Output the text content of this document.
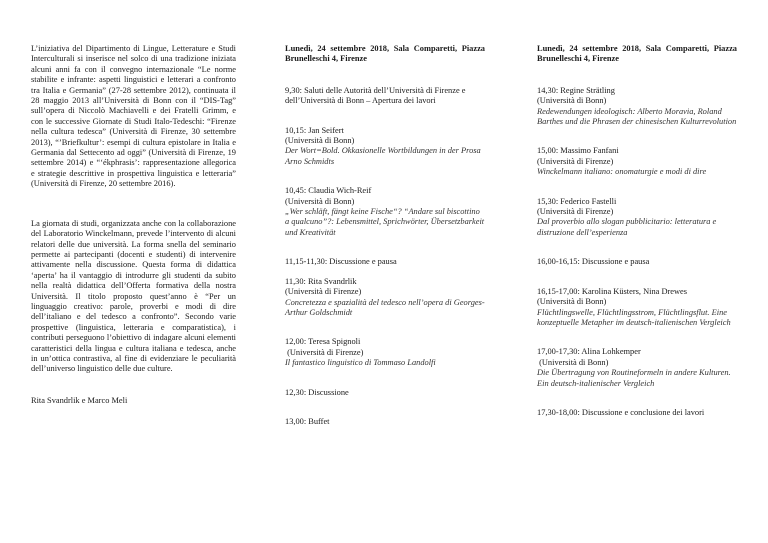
L’iniziativa del Dipartimento di Lingue, Letterature e Studi Interculturali si inserisce nel solco di una tradizione iniziata alcuni anni fa con il convegno internazionale “Le norme stabilite e infrante: aspetti linguistici e letterari a confronto tra Italia e Germania” (27-28 settembre 2012), continuata il 28 maggio 2013 all’Università di Bonn con il “DIS-Tag” sull’opera di Niccolò Machiavelli e dei Fratelli Grimm, e con le successive Giornate di Studi Italo-Tedeschi: “Firenze nella cultura tedesca” (Università di Firenze, 30 settembre 2013), “’Briefkultur’: esempi di cultura epistolare in Italia e Germania dal Settecento ad oggi” (Università di Firenze, 19 settembre 2014) e “‘ékphrasis’: rappresentazione allegorica e strategie descrittive in prospettiva linguistica e letteraria” (Università di Firenze, 20 settembre 2016).
La giornata di studi, organizzata anche con la collaborazione del Laboratorio Winckelmann, prevede l’intervento di alcuni relatori delle due università. La forma snella del seminario permette ai partecipanti (docenti e studenti) di intervenire attivamente nella discussione. Questa forma di didattica ‘aperta’ ha il vantaggio di introdurre gli studenti da subito nella realtà didattica dell’Offerta formativa della nostra Università. Il titolo proposto quest’anno è “Per un linguaggio creativo: parole, proverbi e modi di dire dell’italiano e del tedesco a confronto”. Secondo varie prospettive (linguistica, letteraria e comparatistica), i contributi perseguono l’obiettivo di indagare alcuni elementi caratteristici della lingua e cultura italiana e tedesca, anche in un’ottica contrastiva, al fine di evidenziare le peculiarità dell’universo linguistico delle due culture.
Rita Svandrlik e Marco Meli
Lunedì, 24 settembre 2018, Sala Comparetti, Piazza Brunelleschi 4, Firenze
9,30: Saluti delle Autorità dell’Università di Firenze e dell’Università di Bonn – Apertura dei lavori
10,15: Jan Seifert
(Università di Bonn)
Der Wort=Bold. Okkasionelle Wortbildungen in der Prosa Arno Schmidts
10,45: Claudia Wich-Reif
(Università di Bonn)
„Wer schläft, fängt keine Fische“? “Andare sul biscottino a qualcuno”?: Lebensmittel, Sprichwörter, Übersetzbarkeit und Kreativität
11,15-11,30: Discussione e pausa
11,30: Rita Svandrlik
(Università di Firenze)
Concretezza e spazialità del tedesco nell’opera di Georges-Arthur Goldschmidt
12,00: Teresa Spignoli
(Università di Firenze)
Il fantastico linguistico di Tommaso Landolfi
12,30: Discussione
13,00: Buffet
Lunedì, 24 settembre 2018, Sala Comparetti, Piazza Brunelleschi 4, Firenze
14,30: Regine Strätling
(Università di Bonn)
Redewendungen ideologisch: Alberto Moravia, Roland Barthes und die Phrasen der chinesischen Kulturrevolution
15,00: Massimo Fanfani
(Università di Firenze)
Winckelmann italiano: onomaturgie e modi di dire
15,30: Federico Fastelli
(Università di Firenze)
Dal proverbio allo slogan pubblicitario: letteratura e distruzione dell’esperienza
16,00-16,15: Discussione e pausa
16,15-17,00: Karolina Küsters, Nina Drewes
(Università di Bonn)
Flüchtlingswelle, Flüchtlingsstrom, Flüchtlingsflut. Eine konzeptuelle Metapher im deutsch-italienischen Vergleich
17,00-17,30: Alina Lohkemper
(Università di Bonn)
Die Übertragung von Routineformeln in andere Kulturen. Ein deutsch-italienischer Vergleich
17,30-18,00: Discussione e conclusione dei lavori
